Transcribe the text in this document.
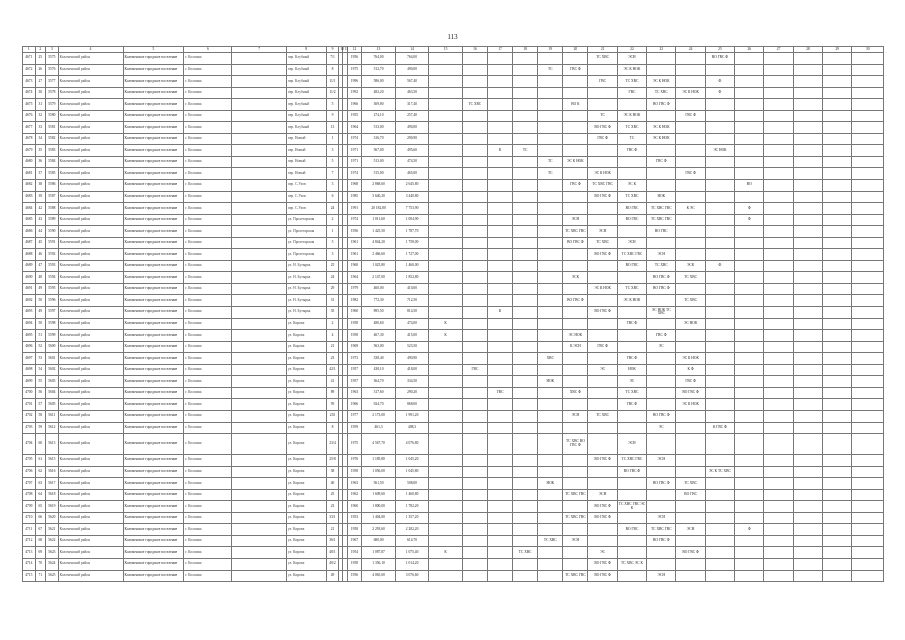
113
1	2	3	4	5	6	7	8	9	10	11	12	13	14	15	16	17	18	19	20	21	22	23	24	25	26	27	28	29	30
4671	25	5575	Коломенский район	Коломенское городское поселение	г. Коломна		пер. Клубный	7/1			1956	764,00	764,00							ТС ХВС	ЭСН			ВО ГВС Ф					
4672	26	5576	Коломенский район	Коломенское городское поселение	г. Коломна		пер. Клубный	8			1975	512,70	490,00					ТС	ГВС Ф		ЭС К НОК								
4673	27	5577	Коломенский район	Коломенское городское поселение	г. Коломна		пер. Клубный	11/1			1996	586,00	567,40							ГВС	ТС ХВС	ЭС К НОК		Ф					
4674	30	5578	Коломенский район	Коломенское городское поселение	г. Коломна		пер. Клубный	11/2			1992	482,20	463,50								ГВС	ТС ХВС	ЭС К НОК	Ф					
4675	31	5579	Коломенский район	Коломенское городское поселение	г. Коломна		пер. Клубный	5			1966	369,80	317,40		ТС ХВС				ВО К			ВО ГВС Ф							
4676	32	5580	Коломенский район	Коломенское городское поселение	г. Коломна		пер. Клубный	9			1955	274,10	257,40							ТС	ЭС К НОК		ГВС Ф						
4677	33	5581	Коломенский район	Коломенское городское поселение	г. Коломна		пер. Клубный	13			1964	513,00	490,00							ВО ГВС Ф	ТС ХВС	ЭС К НОК							
4678	34	5582	Коломенский район	Коломенское городское поселение	г. Коломна		пер. Новый	1			1974	316,70	290,90							ГВС Ф	ТС	ЭС К НОК							
4679	35	5583	Коломенский район	Коломенское городское поселение	г. Коломна		пер. Новый	3			1971	567,00	495,60			К	ТС				ГВС Ф			ЭС НОК					
4680	36	5584	Коломенский район	Коломенское городское поселение	г. Коломна		пер. Новый	5			1971	513,00	474,50					ТС	ЭС К НОК			ГВС Ф							
4681	37	5585	Коломенский район	Коломенское городское поселение	г. Коломна		пер. Новый	7			1974	515,00	465,00					ТС		ЭС К НОК			ГВС Ф						
4682	38	5586	Коломенский район	Коломенское городское поселение	г. Коломна		пер. С.Ухов	3			1968	2 868,60	2 645,80						ГВС Ф	ТС ХВС ГВС	ЭС К				ВО				
4683	39	5587	Коломенский район	Коломенское городское поселение	г. Коломна		пер. С.Ухов	6			1985	3 640,20	3 440,80							ВО ГВС Ф	ТС ХВС	НОК							
4684	42	5588	Коломенский район	Коломенское городское поселение	г. Коломна		пер. С.Ухов	24			1991	20 182,80	7 753,90								ВО ГВС	ТС ХВС ГВС	К ЭС		Ф				
4685	43	5589	Коломенский район	Коломенское городское поселение	г. Коломна		ул. Пролетарская	2			1974	1 011,60	1 004,90						ЭСН		ВО ГВС	ТС ХВС ГВС			Ф				
4686	44	5590	Коломенский район	Коломенское городское поселение	г. Коломна		ул. Пролетарская	1			1956	1 425,50	1 787,70						ТС ХВС ГВС	ЭСН		ВО ГВС							
4687	45	5591	Коломенский район	Коломенское городское поселение	г. Коломна		ул. Пролетарская	5			1961	4 844,20	1 758,00						ВО ГВС Ф	ТС ХВС	ЭСН								
4688	46	5592	Коломенский район	Коломенское городское поселение	г. Коломна		ул. Пролетарская	3			1961	2 466,60	1 727,00							ВО ГВС Ф	ТС ХВС ГВС	ЭСН							
4689	47	5593	Коломенский район	Коломенское городское поселение	г. Коломна		ул. Н. Бутырка	25			1960	1 025,80	1 460,00								ВО ГВС	ТС ХВС	ЭСК	Ф					
4690	48	5594	Коломенский район	Коломенское городское поселение	г. Коломна		ул. Н. Бутырка	24			1964	2 147,00	1 852,80						ЭСК			ВО ГВС Ф	ТС ХВС						
4691	49	5595	Коломенский район	Коломенское городское поселение	г. Коломна		ул. Н. Бутырка	29			1979	460,00	410,00							ЭС К НОК	ТС ХВС	ВО ГВС Ф							
4692	50	5596	Коломенский район	Коломенское городское поселение	г. Коломна		ул. Н. Бутырка	31			1982	772,30	712,50						ВО ГВС Ф		ЭС К НОК		ТС ХВС						
4693	49	5597	Коломенский район	Коломенское городское поселение	г. Коломна		ул. Н. Бутырка	35			1960	895,50	814,50			К				ВО ГВС Ф		ЭС НОК ТС ХВС							
4694	50	5598	Коломенский район	Коломенское городское поселение	г. Коломна		ул. Кирова	2			1958	480,60	474,00	К							ГВС Ф		ЭС НОК						
4695	51	5599	Коломенский район	Коломенское городское поселение	г. Коломна		ул. Кирова	4			1958	467,30	415,00	К					ЭС НОК			ГВС Ф							
4696	52	5600	Коломенский район	Коломенское городское поселение	г. Коломна		ул. Кирова	21			1969	563,00	523,50						К ЭСН	ГВС Ф		ЭС							
4697	53	5601	Коломенский район	Коломенское городское поселение	г. Коломна		ул. Кирова	23			1973	538,40	490,90					ХВС			ГВС Ф		ЭС К НОК						
4698	54	5602	Коломенский район	Коломенское городское поселение	г. Коломна		ул. Кирова	42/1			1957	438,10	418,00		ГВС					ЭС	НОК		К Ф						
4699	55	5603	Коломенский район	Коломенское городское поселение	г. Коломна		ул. Кирова	41			1957	364,70	334,50					НОК			ЭС		ГВС Ф						
4700	56	5604	Коломенский район	Коломенское городское поселение	г. Коломна		ул. Кирова	89			1963	317,60	290,20			ГВС			ХВС Ф		ТС ХВС		ВО ГВС Ф						
4701	57	5605	Коломенский район	Коломенское городское поселение	г. Коломна		ул. Кирова	95			1966	924,70	868,00								ГВС Ф		ЭС К НОК						
4702	58	5611	Коломенский район	Коломенское городское поселение	г. Коломна		ул. Кирова	235			1977	2 173,00	1 991,20						ЭСН	ТС ХВС		ВО ГВС Ф							
4703	59	5612	Коломенский район	Коломенское городское поселение	г. Коломна		ул. Кирова	8			1959	461,3	408,3									ЭС		К ГВС Ф					
4704	60	5613	Коломенский район	Коломенское городское поселение	г. Коломна		ул. Кирова	23/4			1975	4 567,70	4 076,80						ТС ХВС ВО ГВС Ф		ЭСН								
4705	61	5615	Коломенский район	Коломенское городское поселение	г. Коломна		ул. Кирова	25/8			1976	1 185,80	1 045,20							ВО ГВС Ф	ТС ХВС ГВС	ЭСН							
4706	62	5616	Коломенский район	Коломенское городское поселение	г. Коломна		ул. Кирова	38			1958	1 056,00	1 045,80								ВО ГВС Ф			ЭС К ТС ХВС					
4707	63	5617	Коломенский район	Коломенское городское поселение	г. Коломна		ул. Кирова	40			1963	561,50	508,00					НОК				ВО ГВС Ф	ТС ХВС						
4708	64	5618	Коломенский район	Коломенское городское поселение	г. Коломна		ул. Кирова	25			1962	1 609,60	1 460,80						ТС ХВС ГВС	ЭСН			ВО ГВС						
4709	65	5619	Коломенский район	Коломенское городское поселение	г. Коломна		ул. Кирова	23			1960	1 800,00	1 782,20							ВО ГВС Ф	ТС ХВС ГВС ЭС К								
4710	66	5620	Коломенский район	Коломенское городское поселение	г. Коломна		ул. Кирова	33/1			1953	1 404,00	1 357,20						ТС ХВС ГВС	ВО ГВС Ф		ЭСН							
4711	67	5621	Коломенский район	Коломенское городское поселение	г. Коломна		ул. Кирова	21			1958	2 293,60	2 282,20								ВО ГВС	ТС ХВС ГВС	ЭСН		Ф				
4712	68	5622	Коломенский район	Коломенское городское поселение	г. Коломна		ул. Кирова	36/1			1967	680,00	614,70					ТС ХВС	ЭСН			ВО ГВС Ф							
4713	69	5623	Коломенский район	Коломенское городское поселение	г. Коломна		ул. Кирова	40/1			1954	1 087,87	1 075,40	К			ТС ХВС			ЭС			ВО ГВС Ф						
4714	70	5624	Коломенский район	Коломенское городское поселение	г. Коломна		ул. Кирова	40/2			1958	1 356,10	1 014,20							ВО ГВС Ф	ТС ХВС ЭС К								
4715	71	5625	Коломенский район	Коломенское городское поселение	г. Коломна		ул. Кирова	49			1956	4 065,00	3 076,60						ТС ХВС ГВС	ВО ГВС Ф		ЭСН							
